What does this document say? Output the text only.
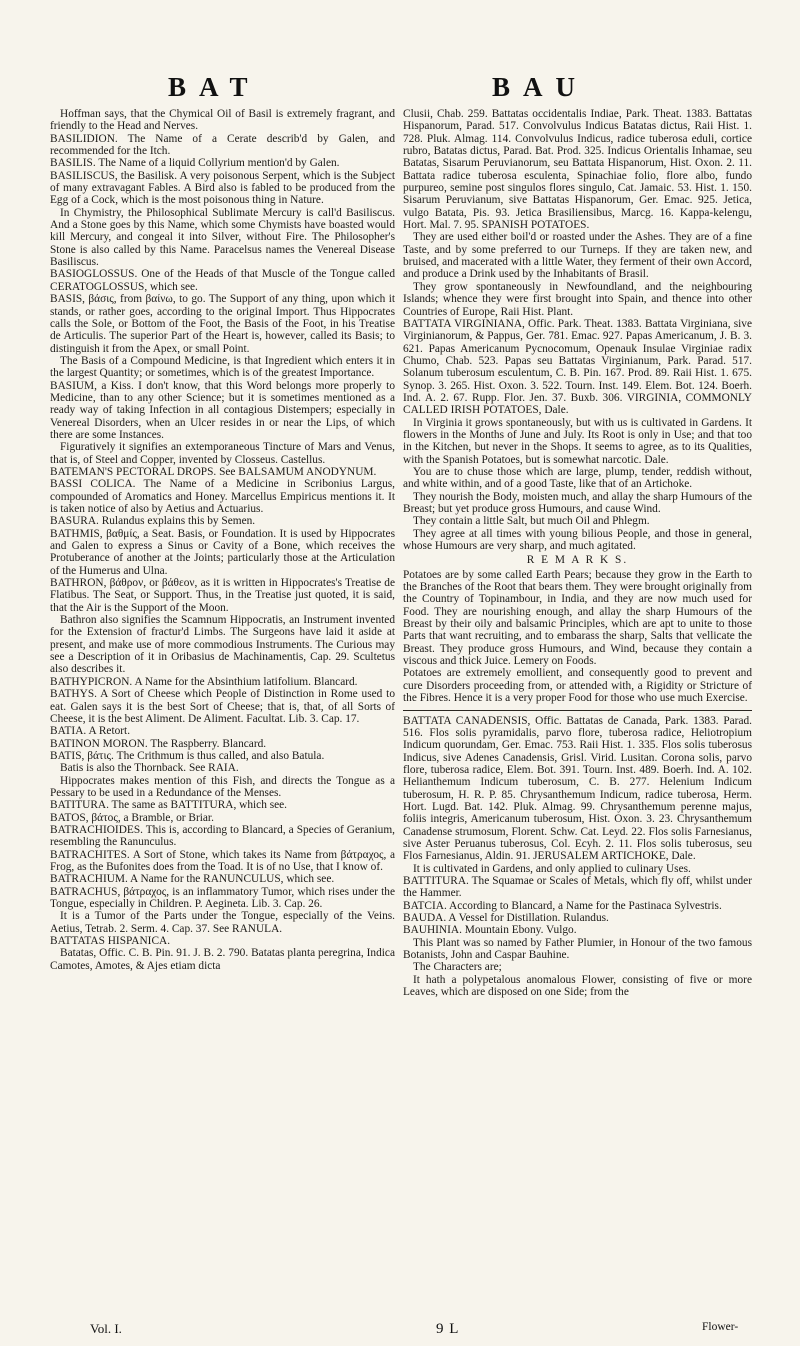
BAT	BAU

Hoffman says, that the Chymical Oil of Basil is extremely fragrant, and friendly to the Head and Nerves.

BASILIDION. The Name of a Cerate describ'd by Galen, and recommended for the Itch.

BASILIS. The Name of a liquid Collyrium mention'd by Galen.

BASILISCUS, the Basilisk. A very poisonous Serpent, which is the Subject of many extravagant Fables. A Bird also is fabled to be produced from the Egg of a Cock, which is the most poisonous thing in Nature.

In Chymistry, the Philosophical Sublimate Mercury is call'd Basiliscus. And a Stone goes by this Name, which some Chymists have boasted would kill Mercury, and congeal it into Silver, without Fire. The Philosopher's Stone is also called by this Name. Paracelsus names the Venereal Disease Basiliscus.

BASIOGLOSSUS. One of the Heads of that Muscle of the Tongue called CERATOGLOSSUS, which see.

BASIS, βάσις, from βαίνω, to go. The Support of any thing, upon which it stands, or rather goes, according to the original Import. Thus Hippocrates calls the Sole, or Bottom of the Foot, the Basis of the Foot, in his Treatise de Articulis. The superior Part of the Heart is, however, called its Basis; to distinguish it from the Apex, or small Point.

The Basis of a Compound Medicine, is that Ingredient which enters it in the largest Quantity; or sometimes, which is of the greatest Importance.

BASIUM, a Kiss. I don't know, that this Word belongs more properly to Medicine, than to any other Science; but it is sometimes mentioned as a ready way of taking Infection in all contagious Distempers; especially in Venereal Disorders, when an Ulcer resides in or near the Lips, of which there are some Instances.

Figuratively it signifies an extemporaneous Tincture of Mars and Venus, that is, of Steel and Copper, invented by Closseus. Castellus.

BATEMAN'S PECTORAL DROPS. See BALSAMUM ANODYNUM.

BASSI COLICA. The Name of a Medicine in Scribonius Largus, compounded of Aromatics and Honey. Marcellus Empiricus mentions it. It is taken notice of also by Aetius and Actuarius.

BASURA. Rulandus explains this by Semen.

BATHMIS, βαθμίς, a Seat. Basis, or Foundation. It is used by Hippocrates and Galen to express a Sinus or Cavity of a Bone, which receives the Protuberance of another at the Joints; particularly those at the Articulation of the Humerus and Ulna.

BATHRON, βάθρον, or βάθεον, as it is written in Hippocrates's Treatise de Flatibus. The Seat, or Support. Thus, in the Treatise just quoted, it is said, that the Air is the Support of the Moon.

Bathron also signifies the Scamnum Hippocratis, an Instrument invented for the Extension of fractur'd Limbs. The Surgeons have laid it aside at present, and make use of more commodious Instruments. The Curious may see a Description of it in Oribasius de Machinamentis, Cap. 29. Scultetus also describes it.

BATHYPICRON. A Name for the Absinthium latifolium. Blancard.

BATHYS. A Sort of Cheese which People of Distinction in Rome used to eat. Galen says it is the best Sort of Cheese; that is, that, of all Sorts of Cheese, it is the best Aliment. De Aliment. Facultat. Lib. 3. Cap. 17.

BATIA. A Retort.

BATINON MORON. The Raspberry. Blancard.

BATIS, βάτις. The Crithmum is thus called, and also Batula.

Batis is also the Thornback. See RAIA.

Hippocrates makes mention of this Fish, and directs the Tongue as a Pessary to be used in a Redundance of the Menses.

BATITURA. The same as BATTITURA, which see.

BATOS, βάτος, a Bramble, or Briar.

BATRACHIOIDES. This is, according to Blancard, a Species of Geranium, resembling the Ranunculus.

BATRACHITES. A Sort of Stone, which takes its Name from βάτραχος, a Frog, as the Bufonites does from the Toad. It is of no Use, that I know of.

BATRACHIUM. A Name for the RANUNCULUS, which see.

BATRACHUS, βάτραχος, is an inflammatory Tumor, which rises under the Tongue, especially in Children. P. Aegineta. Lib. 3. Cap. 26.

It is a Tumor of the Parts under the Tongue, especially of the Veins. Aetius, Tetrab. 2. Serm. 4. Cap. 37. See RANULA.

BATTATAS HISPANICA.

Batatas, Offic. C. B. Pin. 91. J. B. 2. 790. Batatas planta peregrina, Indica Camotes, Amotes, & Ajes etiam dicta

Clusii, Chab. 259. Battatas occidentalis Indiae, Park. Theat. 1383. Battatas Hispanorum, Parad. 517. Convolvulus Indicus Batatas dictus, Raii Hist. 1. 728. Pluk. Almag. 114. Convolvulus Indicus, radice tuberosa eduli, cortice rubro, Batatas dictus, Parad. Bat. Prod. 325. Indicus Orientalis Inhamae, seu Batatas, Sisarum Peruvianorum, seu Battata Hispanorum, Hist. Oxon. 2. 11. Battata radice tuberosa esculenta, Spinachiae folio, flore albo, fundo purpureo, semine post singulos flores singulo, Cat. Jamaic. 53. Hist. 1. 150. Sisarum Peruvianum, sive Battatas Hispanorum, Ger. Emac. 925. Jetica, vulgo Batata, Pis. 93. Jetica Brasiliensibus, Marcg. 16. Kappa-kelengu, Hort. Mal. 7. 95. SPANISH POTATOES.

They are used either boil'd or roasted under the Ashes. They are of a fine Taste, and by some preferred to our Turneps. If they are taken new, and bruised, and macerated with a little Water, they ferment of their own Accord, and produce a Drink used by the Inhabitants of Brasil.

They grow spontaneously in Newfoundland, and the neighbouring Islands; whence they were first brought into Spain, and thence into other Countries of Europe, Raii Hist. Plant.

BATTATA VIRGINIANA, Offic. Park. Theat. 1383. Battata Virginiana, sive Virginianorum, & Pappus, Ger. 781. Emac. 927. Papas Americanum, J. B. 3. 621. Papas Americanum Pycnocomum, Openauk Insulae Virginiae radix Chumo, Chab. 523. Papas seu Battatas Virginianum, Park. Parad. 517. Solanum tuberosum esculentum, C. B. Pin. 167. Prod. 89. Raii Hist. 1. 675. Synop. 3. 265. Hist. Oxon. 3. 522. Tourn. Inst. 149. Elem. Bot. 124. Boerh. Ind. A. 2. 67. Rupp. Flor. Jen. 37. Buxb. 306. VIRGINIA, COMMONLY CALLED IRISH POTATOES, Dale.

In Virginia it grows spontaneously, but with us is cultivated in Gardens. It flowers in the Months of June and July. Its Root is only in Use; and that too in the Kitchen, but never in the Shops. It seems to agree, as to its Qualities, with the Spanish Potatoes, but is somewhat narcotic. Dale.

You are to chuse those which are large, plump, tender, reddish without, and white within, and of a good Taste, like that of an Artichoke.

They nourish the Body, moisten much, and allay the sharp Humours of the Breast; but yet produce gross Humours, and cause Wind.

They contain a little Salt, but much Oil and Phlegm.

They agree at all times with young bilious People, and those in general, whose Humours are very sharp, and much agitated.

R E M A R K S.

Potatoes are by some called Earth Pears; because they grow in the Earth to the Branches of the Root that bears them. They were brought originally from the Country of Topinambour, in India, and they are now much used for Food. They are nourishing enough, and allay the sharp Humours of the Breast by their oily and balsamic Principles, which are apt to unite to those Parts that want recruiting, and to embarass the sharp, Salts that vellicate the Breast. They produce gross Humours, and Wind, because they contain a viscous and thick Juice. Lemery on Foods.

Potatoes are extremely emollient, and consequently good to prevent and cure Disorders proceeding from, or attended with, a Rigidity or Stricture of the Fibres. Hence it is a very proper Food for those who use much Exercise.

BATTATA CANADENSIS, Offic. Battatas de Canada, Park. 1383. Parad. 516. Flos solis pyramidalis, parvo flore, tuberosa radice, Heliotropium Indicum quorundam, Ger. Emac. 753. Raii Hist. 1. 335. Flos solis tuberosus Indicus, sive Adenes Canadensis, Grisl. Virid. Lusitan. Corona solis, parvo flore, tuberosa radice, Elem. Bot. 391. Tourn. Inst. 489. Boerh. Ind. A. 102. Helianthemum Indicum tuberosum, C. B. 277. Helenium Indicum tuberosum, H. R. P. 85. Chrysanthemum Indicum, radice tuberosa, Herm. Hort. Lugd. Bat. 142. Pluk. Almag. 99. Chrysanthemum perenne majus, foliis integris, Americanum tuberosum, Hist. Oxon. 3. 23. Chrysanthemum Canadense strumosum, Florent. Schw. Cat. Leyd. 22. Flos solis Farnesianus, sive Aster Peruanus tuberosus, Col. Ecyh. 2. 11. Flos solis tuberosus, seu Flos Farnesianus, Aldin. 91. JERUSALEM ARTICHOKE, Dale.

It is cultivated in Gardens, and only applied to culinary Uses.

BATTITURA. The Squamae or Scales of Metals, which fly off, whilst under the Hammer.

BATCIA. According to Blancard, a Name for the Pastinaca Sylvestris.

BAUDA. A Vessel for Distillation. Rulandus.

BAUHINIA. Mountain Ebony. Vulgo.

This Plant was so named by Father Plumier, in Honour of the two famous Botanists, John and Caspar Bauhine.

The Characters are;

It hath a polypetalous anomalous Flower, consisting of five or more Leaves, which are disposed on one Side; from the

Vol. I.	9 L	Flower-
